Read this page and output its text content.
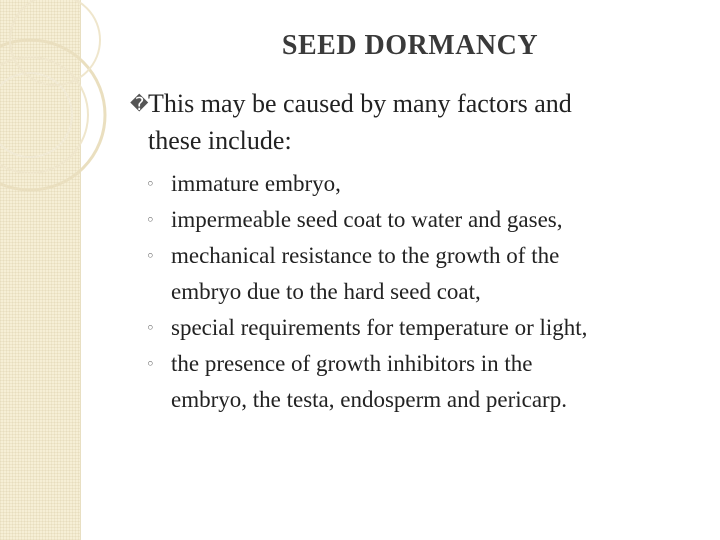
SEED DORMANCY
�This may be caused by many factors and
these include:
◦ immature embryo,
◦ impermeable seed coat to water and gases,
◦ mechanical resistance to the growth of the
embryo due to the hard seed coat,
◦ special requirements for temperature or light,
◦ the presence of growth inhibitors in the
embryo, the testa, endosperm and pericarp.
